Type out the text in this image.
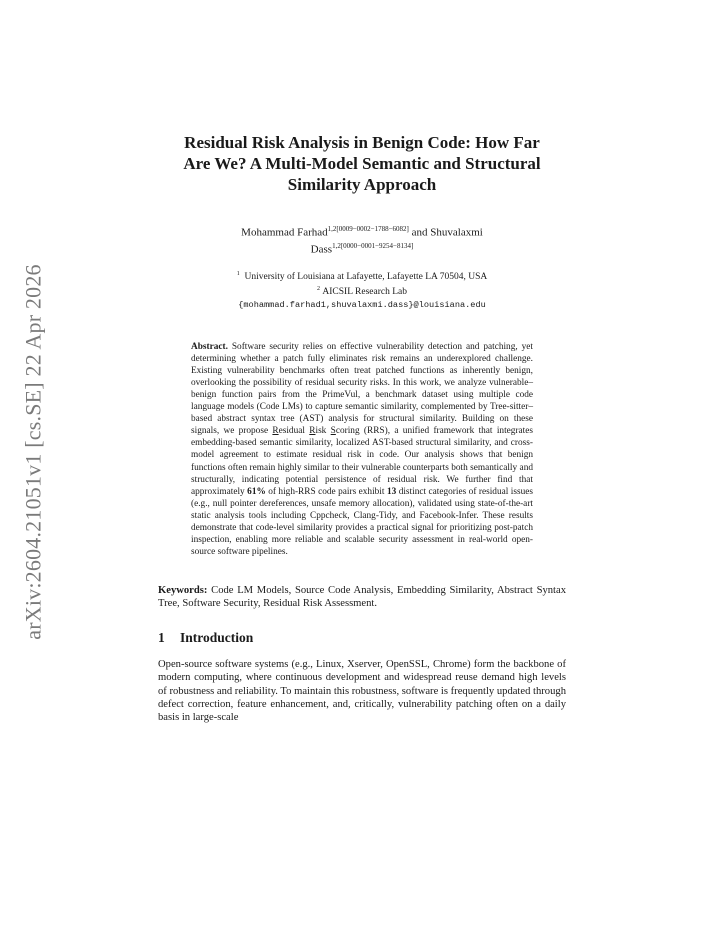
arXiv:2604.21051v1 [cs.SE] 22 Apr 2026
Residual Risk Analysis in Benign Code: How Far
Are We? A Multi-Model Semantic and Structural
Similarity Approach
Mohammad Farhad$^{1,2[0009-0002-1788-6082]}$ and Shuvalaxmi
Dass$^{1,2[0000-0001-9254-8134]}$
$^1$ University of Louisiana at Lafayette, Lafayette LA 70504, USA
$^2$ AICSIL Research Lab
{mohammad.farhad1,shuvalaxmi.dass}@louisiana.edu
Abstract. Software security relies on effective vulnerability detection and patching, yet determining whether a patch fully eliminates risk remains an underexplored challenge. Existing vulnerability benchmarks often treat patched functions as inherently benign, overlooking the possibility of residual security risks. In this work, we analyze vulnerable–benign function pairs from the PrimeVul, a benchmark dataset using multiple code language models (Code LMs) to capture semantic similarity, complemented by Tree-sitter–based abstract syntax tree (AST) analysis for structural similarity. Building on these signals, we propose Residual Risk Scoring (RRS), a unified framework that integrates embedding-based semantic similarity, localized AST-based structural similarity, and cross-model agreement to estimate residual risk in code. Our analysis shows that benign functions often remain highly similar to their vulnerable counterparts both semantically and structurally, indicating potential persistence of residual risk. We further find that approximately 61% of high-RRS code pairs exhibit 13 distinct categories of residual issues (e.g., null pointer dereferences, unsafe memory allocation), validated using state-of-the-art static analysis tools including Cppcheck, Clang-Tidy, and Facebook-Infer. These results demonstrate that code-level similarity provides a practical signal for prioritizing post-patch inspection, enabling more reliable and scalable security assessment in real-world open-source software pipelines.
Keywords: Code LM Models, Source Code Analysis, Embedding Similarity, Abstract Syntax Tree, Software Security, Residual Risk Assessment.
1 Introduction
Open-source software systems (e.g., Linux, Xserver, OpenSSL, Chrome) form the backbone of modern computing, where continuous development and widespread reuse demand high levels of robustness and reliability. To maintain this robustness, software is frequently updated through defect correction, feature enhancement, and, critically, vulnerability patching often on a daily basis in large-scale
